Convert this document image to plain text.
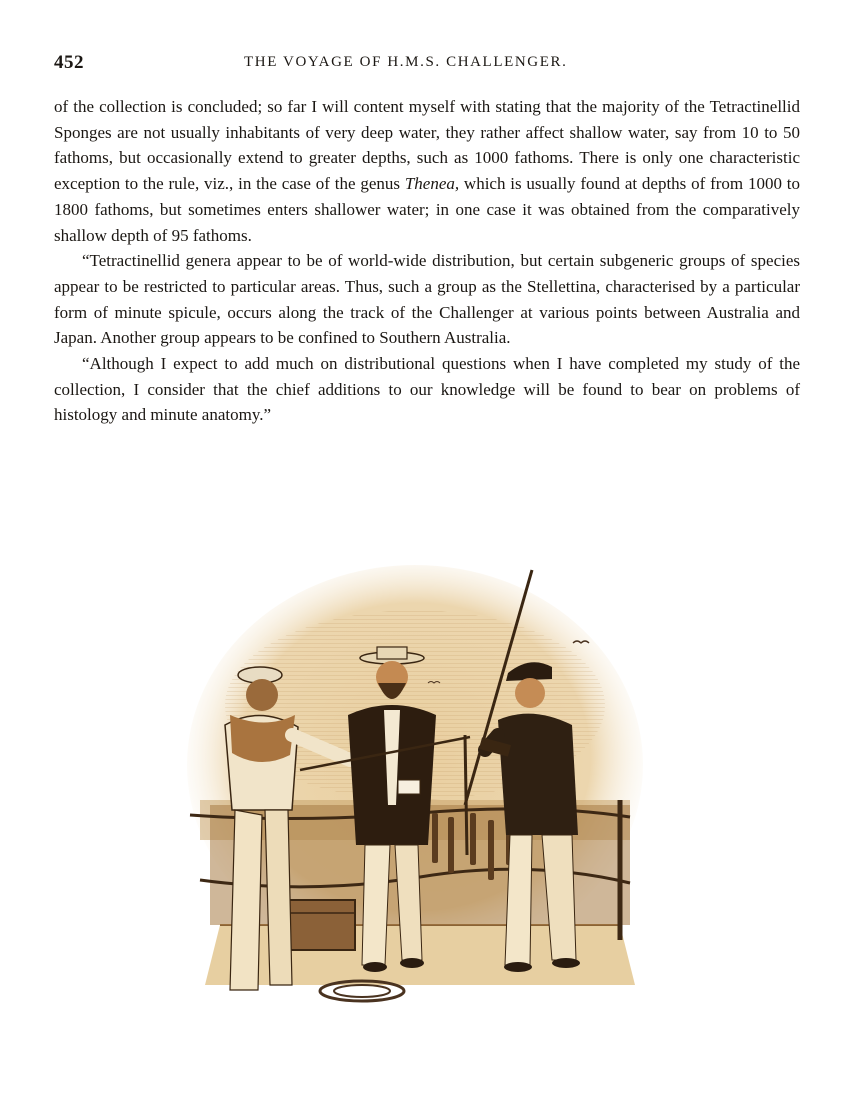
452	THE VOYAGE OF H.M.S. CHALLENGER.

of the collection is concluded; so far I will content myself with stating that the majority of the Tetractinellid Sponges are not usually inhabitants of very deep water, they rather affect shallow water, say from 10 to 50 fathoms, but occasionally extend to greater depths, such as 1000 fathoms. There is only one characteristic exception to the rule, viz., in the case of the genus Thenea, which is usually found at depths of from 1000 to 1800 fathoms, but sometimes enters shallower water; in one case it was obtained from the comparatively shallow depth of 95 fathoms.

“Tetractinellid genera appear to be of world-wide distribution, but certain subgeneric groups of species appear to be restricted to particular areas. Thus, such a group as the Stellettina, characterised by a particular form of minute spicule, occurs along the track of the Challenger at various points between Australia and Japan. Another group appears to be confined to Southern Australia.

“Although I expect to add much on distributional questions when I have completed my study of the collection, I consider that the chief additions to our knowledge will be found to bear on problems of histology and minute anatomy.”
